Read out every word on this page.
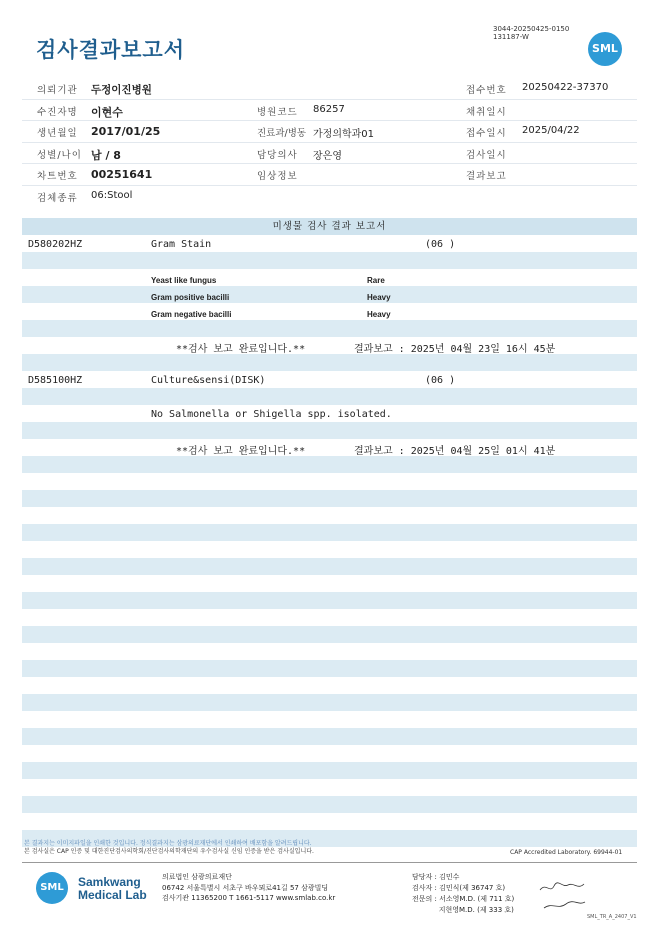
검사결과보고서
3044-20250425-0150
131187-W
SML
의뢰기관 두정이진병원	접수번호 20250422-37370
수진자명 이현수	병원코드 86257	채취일시
생년월일 2017/01/25	진료과/병동 가정의학과01	접수일시 2025/04/22
성별/나이 남 / 8	담당의사 장은영	검사일시
차트번호 00251641	임상정보	결과보고
검체종류 06:Stool
미생물 검사 결과 보고서
D580202HZ	Gram Stain	(06 )
Yeast like fungus	Rare
Gram positive bacilli	Heavy
Gram negative bacilli	Heavy
**검사 보고 완료입니다.**	결과보고 : 2025년 04월 23일 16시 45분
D585100HZ	Culture&sensi(DISK)	(06 )
No Salmonella or Shigella spp. isolated.
**검사 보고 완료입니다.**	결과보고 : 2025년 04월 25일 01시 41분
본 결과지는 이미지파일을 인쇄한 것입니다. 정식결과지는 삼광의료재단에서 인쇄하여 배포함을 알려드립니다.
본 검사실은 CAP 인증 및 대한진단검사의학회/진단검사의학재단의 우수검사실 신임 인증을 받은 검사실입니다.	CAP Accredited Laboratory. 69944-01
SML	Samkwang
Medical Lab
의료법인 삼광의료재단
06742 서울특별시 서초구 바우뫼로41길 57 삼광빌딩
검사기관 11365200 T 1661-5117 www.smlab.co.kr
담당자 : 김민수
검사자 : 김민식(제 36747 호)
전문의 : 서소영M.D. (제 711 호)
지현영M.D. (제 333 호)
SML_TR_A_2407_V1
